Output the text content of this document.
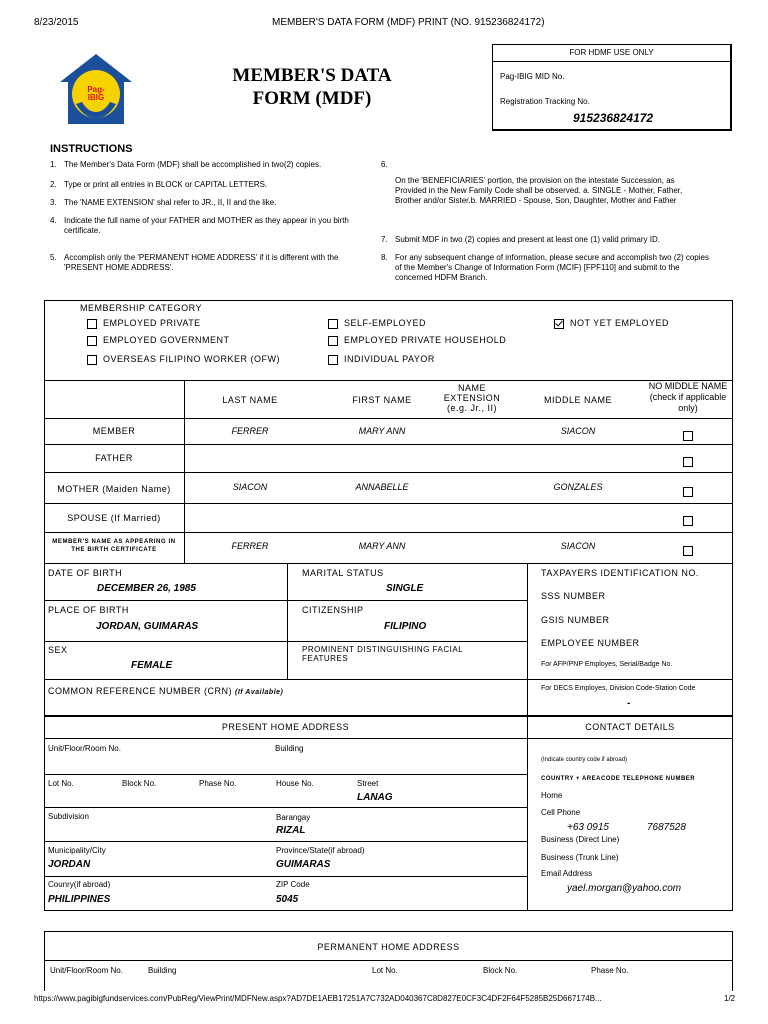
8/23/2015	MEMBER'S DATA FORM (MDF) PRINT (NO. 915236824172)
Pag-
IBIG
MEMBER'S DATA
FORM (MDF)
FOR HDMF USE ONLY
Pag-IBIG MID No.
Registration Tracking No.
915236824172
INSTRUCTIONS
1. The Member's Data Form (MDF) shall be accomplished in two(2) copies.
2. Type or print all entries in BLOCK or CAPITAL LETTERS.
3. The 'NAME EXTENSION' shal refer to JR., II, II and the like.
4. Indicate the full name of your FATHER and MOTHER as they appear in you birth certificate.
5. Accomplish only the 'PERMANENT HOME ADDRESS' if it is different with the 'PRESENT HOME ADDRESS'.
6.
On the 'BENEFICIARIES' portion, the provision on the intestate Succession, as Provided in the New Family Code shall be observed. a. SINGLE - Mother, Father, Brother and/or Sister.b. MARRIED - Spouse, Son, Daughter, Mother and Father
7. Submit MDF in two (2) copies and present at least one (1) valid primary ID.
8. For any subsequent change of information, please secure and accomplish two (2) copies of the Member's Change of Information Form (MCIF) [FPF110] and submit to the concerned HDFM Branch.
MEMBERSHIP CATEGORY
EMPLOYED PRIVATE
EMPLOYED GOVERNMENT
OVERSEAS FILIPINO WORKER (OFW)
SELF-EMPLOYED
EMPLOYED PRIVATE HOUSEHOLD
INDIVIDUAL PAYOR
NOT YET EMPLOYED
LAST NAME	FIRST NAME
NAME EXTENSION (e.g. Jr., II)
MIDDLE NAME
NO MIDDLE NAME (check if applicable only)
MEMBER	FERRER	MARY ANN	SIACON
FATHER
MOTHER (Maiden Name)	SIACON	ANNABELLE	GONZALES
SPOUSE (If Married)
MEMBER'S NAME AS APPEARING IN THE BIRTH CERTIFICATE	FERRER	MARY ANN	SIACON
DATE OF BIRTH
DECEMBER 26, 1985
MARITAL STATUS
SINGLE
PLACE OF BIRTH
JORDAN, GUIMARAS
CITIZENSHIP
FILIPINO
SEX
FEMALE
PROMINENT DISTINGUISHING FACIAL FEATURES
COMMON REFERENCE NUMBER (CRN) (If Available)
TAXPAYERS IDENTIFICATION NO.
SSS NUMBER
GSIS NUMBER
EMPLOYEE NUMBER
For AFP/PNP Employes, Serial/Badge No.
For DECS Employes, Division Code-Station Code
-
PRESENT HOME ADDRESS	CONTACT DETAILS
Unit/Floor/Room No.	Building
Lot No.	Block No.	Phase No.	House No.	Street
LANAG
Subdivision	Barangay
RIZAL
Municipality/City
JORDAN
Province/State(if abroad)
GUIMARAS
Counry(if abroad)
PHILIPPINES
ZIP Code
5045
(Indicate country code if abroad)
COUNTRY + AREACODE TELEPHONE NUMBER
Home
Cell Phone
+63 0915	7687528
Business (Direct Line)
Business (Trunk Line)
Email Address
yael.morgan@yahoo.com
PERMANENT HOME ADDRESS
Unit/Floor/Room No.	Building	Lot No.	Block No.	Phase No.
https://www.pagibigfundservices.com/PubReg/ViewPrint/MDFNew.aspx?AD7DE1AEB17251A7C732AD040367C8D827E0CF3C4DF2F64F5285B25D667174B...	1/2
